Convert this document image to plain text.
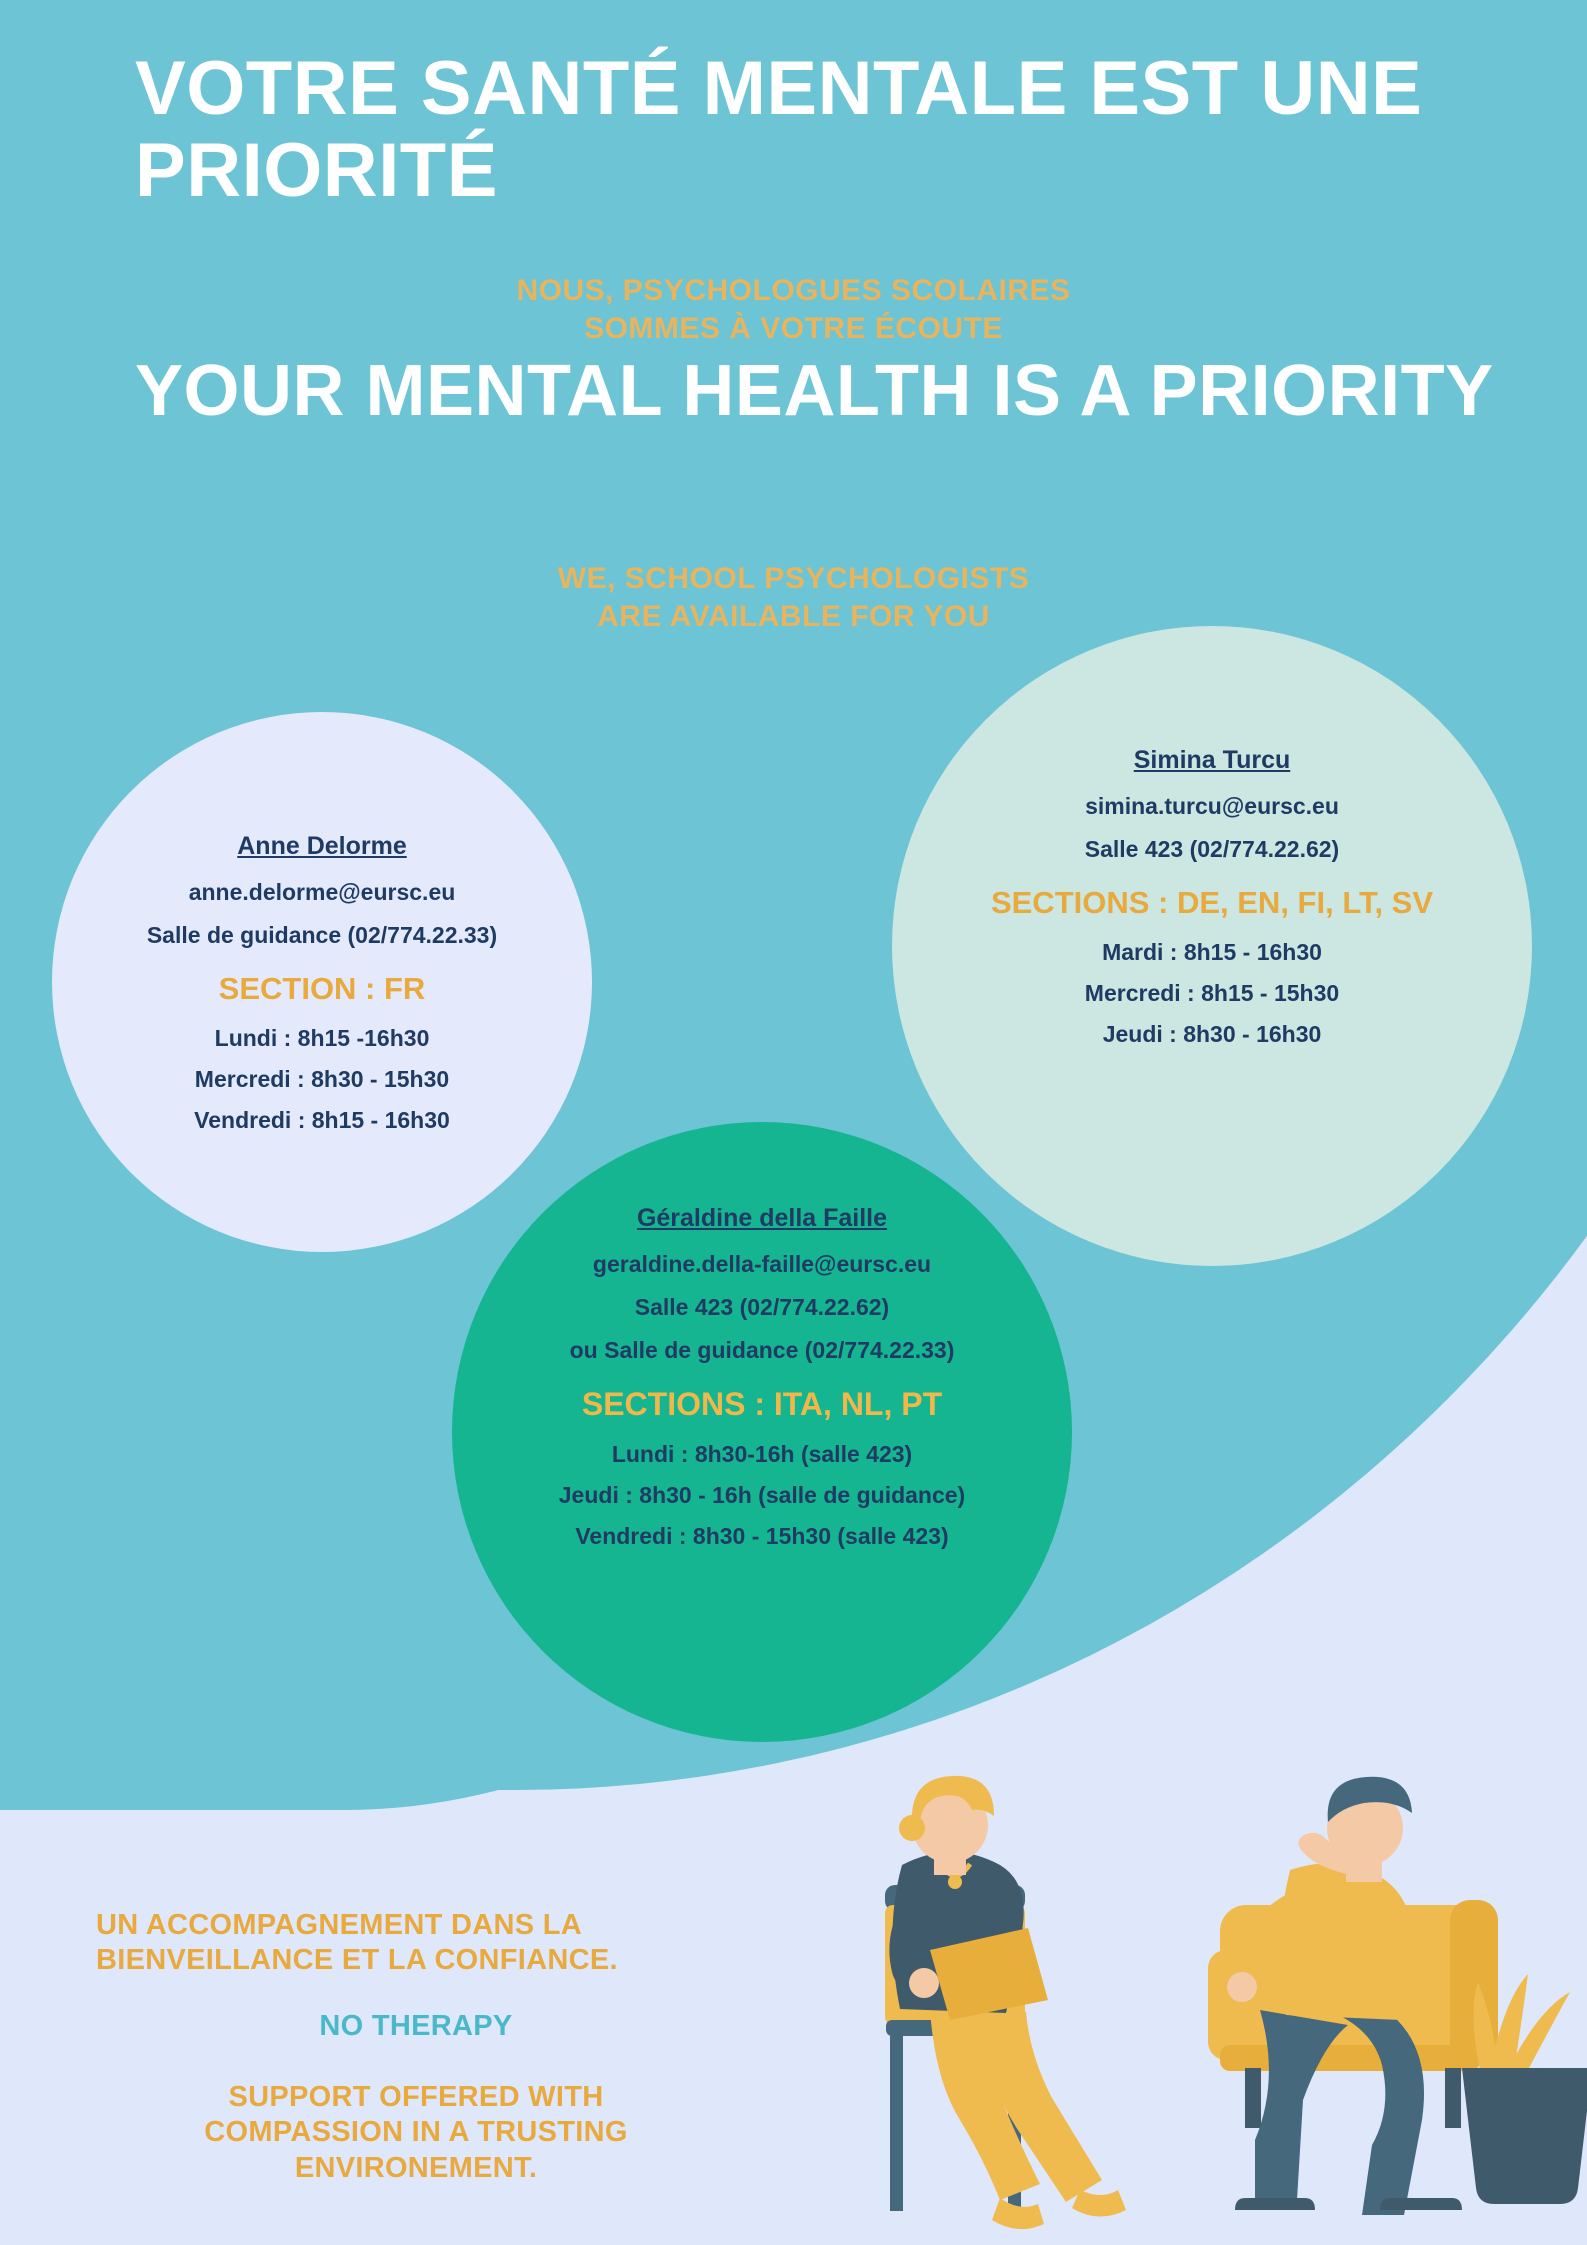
VOTRE SANTÉ MENTALE EST UNE PRIORITÉ
NOUS, PSYCHOLOGUES SCOLAIRES
SOMMES À VOTRE ÉCOUTE
YOUR MENTAL HEALTH IS A PRIORITY
WE, SCHOOL PSYCHOLOGISTS
ARE AVAILABLE FOR YOU
Simina Turcu
simina.turcu@eursc.eu
Salle 423 (02/774.22.62)
SECTIONS : DE, EN, FI, LT, SV
Mardi : 8h15 - 16h30
Mercredi : 8h15 - 15h30
Jeudi : 8h30 - 16h30
Anne Delorme
anne.delorme@eursc.eu
Salle de guidance (02/774.22.33)
SECTION : FR
Lundi : 8h15 -16h30
Mercredi : 8h30 - 15h30
Vendredi : 8h15 - 16h30
Géraldine della Faille
geraldine.della-faille@eursc.eu
Salle 423 (02/774.22.62)
ou Salle de guidance (02/774.22.33)
SECTIONS : ITA, NL, PT
Lundi : 8h30-16h (salle 423)
Jeudi : 8h30 - 16h (salle de guidance)
Vendredi : 8h30 - 15h30 (salle 423)
UN ACCOMPAGNEMENT DANS LA
BIENVEILLANCE ET LA CONFIANCE.
NO THERAPY
SUPPORT OFFERED WITH
COMPASSION IN A TRUSTING
ENVIRONEMENT.
